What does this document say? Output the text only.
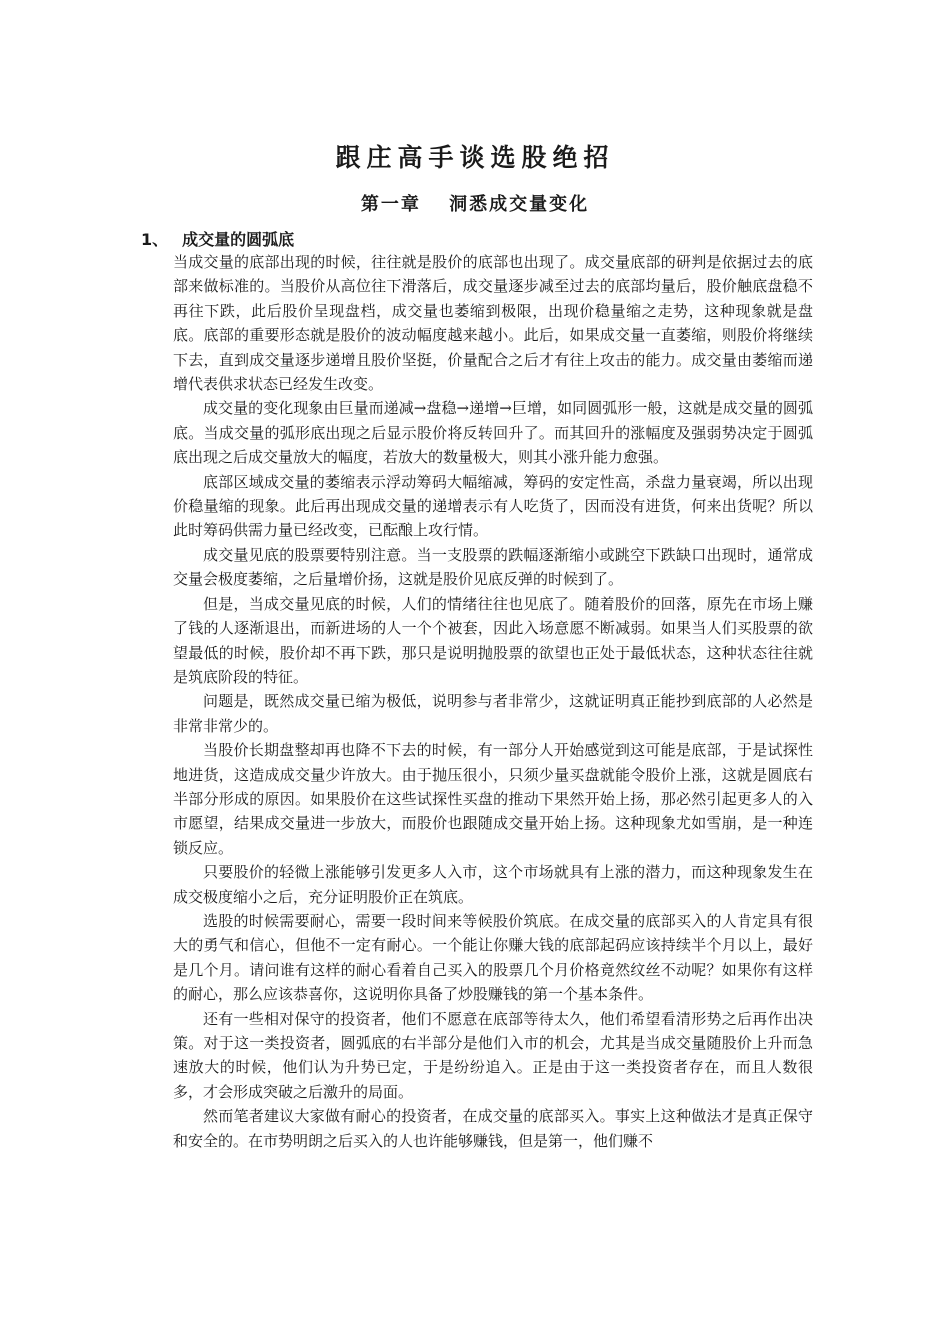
跟庄高手谈选股绝招
第一章　 洞悉成交量变化
1、 成交量的圆弧底

当成交量的底部出现的时候，往往就是股价的底部也出现了。成交量底部的研判是依据过去的底部来做标准的。当股价从高位往下滑落后，成交量逐步减至过去的底部均量后，股价触底盘稳不再往下跌，此后股价呈现盘档，成交量也萎缩到极限，出现价稳量缩之走势，这种现象就是盘底。底部的重要形态就是股价的波动幅度越来越小。此后，如果成交量一直萎缩，则股价将继续下去，直到成交量逐步递增且股价坚挺，价量配合之后才有往上攻击的能力。成交量由萎缩而递增代表供求状态已经发生改变。

成交量的变化现象由巨量而递减→盘稳→递增→巨增，如同圆弧形一般，这就是成交量的圆弧底。当成交量的弧形底出现之后显示股价将反转回升了。而其回升的涨幅度及强弱势决定于圆弧底出现之后成交量放大的幅度，若放大的数量极大，则其小涨升能力愈强。

底部区域成交量的萎缩表示浮动筹码大幅缩减，筹码的安定性高，杀盘力量衰竭，所以出现价稳量缩的现象。此后再出现成交量的递增表示有人吃货了，因而没有进货，何来出货呢？所以此时筹码供需力量已经改变，已酝酿上攻行情。

成交量见底的股票要特别注意。当一支股票的跌幅逐渐缩小或跳空下跌缺口出现时，通常成交量会极度萎缩，之后量增价扬，这就是股价见底反弹的时候到了。

但是，当成交量见底的时候，人们的情绪往往也见底了。随着股价的回落，原先在市场上赚了钱的人逐渐退出，而新进场的人一个个被套，因此入场意愿不断减弱。如果当人们买股票的欲望最低的时候，股价却不再下跌，那只是说明抛股票的欲望也正处于最低状态，这种状态往往就是筑底阶段的特征。

问题是，既然成交量已缩为极低，说明参与者非常少，这就证明真正能抄到底部的人必然是非常非常少的。

当股价长期盘整却再也降不下去的时候，有一部分人开始感觉到这可能是底部，于是试探性地进货，这造成成交量少许放大。由于抛压很小，只须少量买盘就能令股价上涨，这就是圆底右半部分形成的原因。如果股价在这些试探性买盘的推动下果然开始上扬，那必然引起更多人的入市愿望，结果成交量进一步放大，而股价也跟随成交量开始上扬。这种现象尤如雪崩，是一种连锁反应。

只要股价的轻微上涨能够引发更多人入市，这个市场就具有上涨的潜力，而这种现象发生在成交极度缩小之后，充分证明股价正在筑底。

选股的时候需要耐心，需要一段时间来等候股价筑底。在成交量的底部买入的人肯定具有很大的勇气和信心，但他不一定有耐心。一个能让你赚大钱的底部起码应该持续半个月以上，最好是几个月。请问谁有这样的耐心看着自己买入的股票几个月价格竟然纹丝不动呢？如果你有这样的耐心，那么应该恭喜你，这说明你具备了炒股赚钱的第一个基本条件。

还有一些相对保守的投资者，他们不愿意在底部等待太久，他们希望看清形势之后再作出决策。对于这一类投资者，圆弧底的右半部分是他们入市的机会，尤其是当成交量随股价上升而急速放大的时候，他们认为升势已定，于是纷纷追入。正是由于这一类投资者存在，而且人数很多，才会形成突破之后激升的局面。

然而笔者建议大家做有耐心的投资者，在成交量的底部买入。事实上这种做法才是真正保守和安全的。在市势明朗之后买入的人也许能够赚钱，但是第一，他们赚不
